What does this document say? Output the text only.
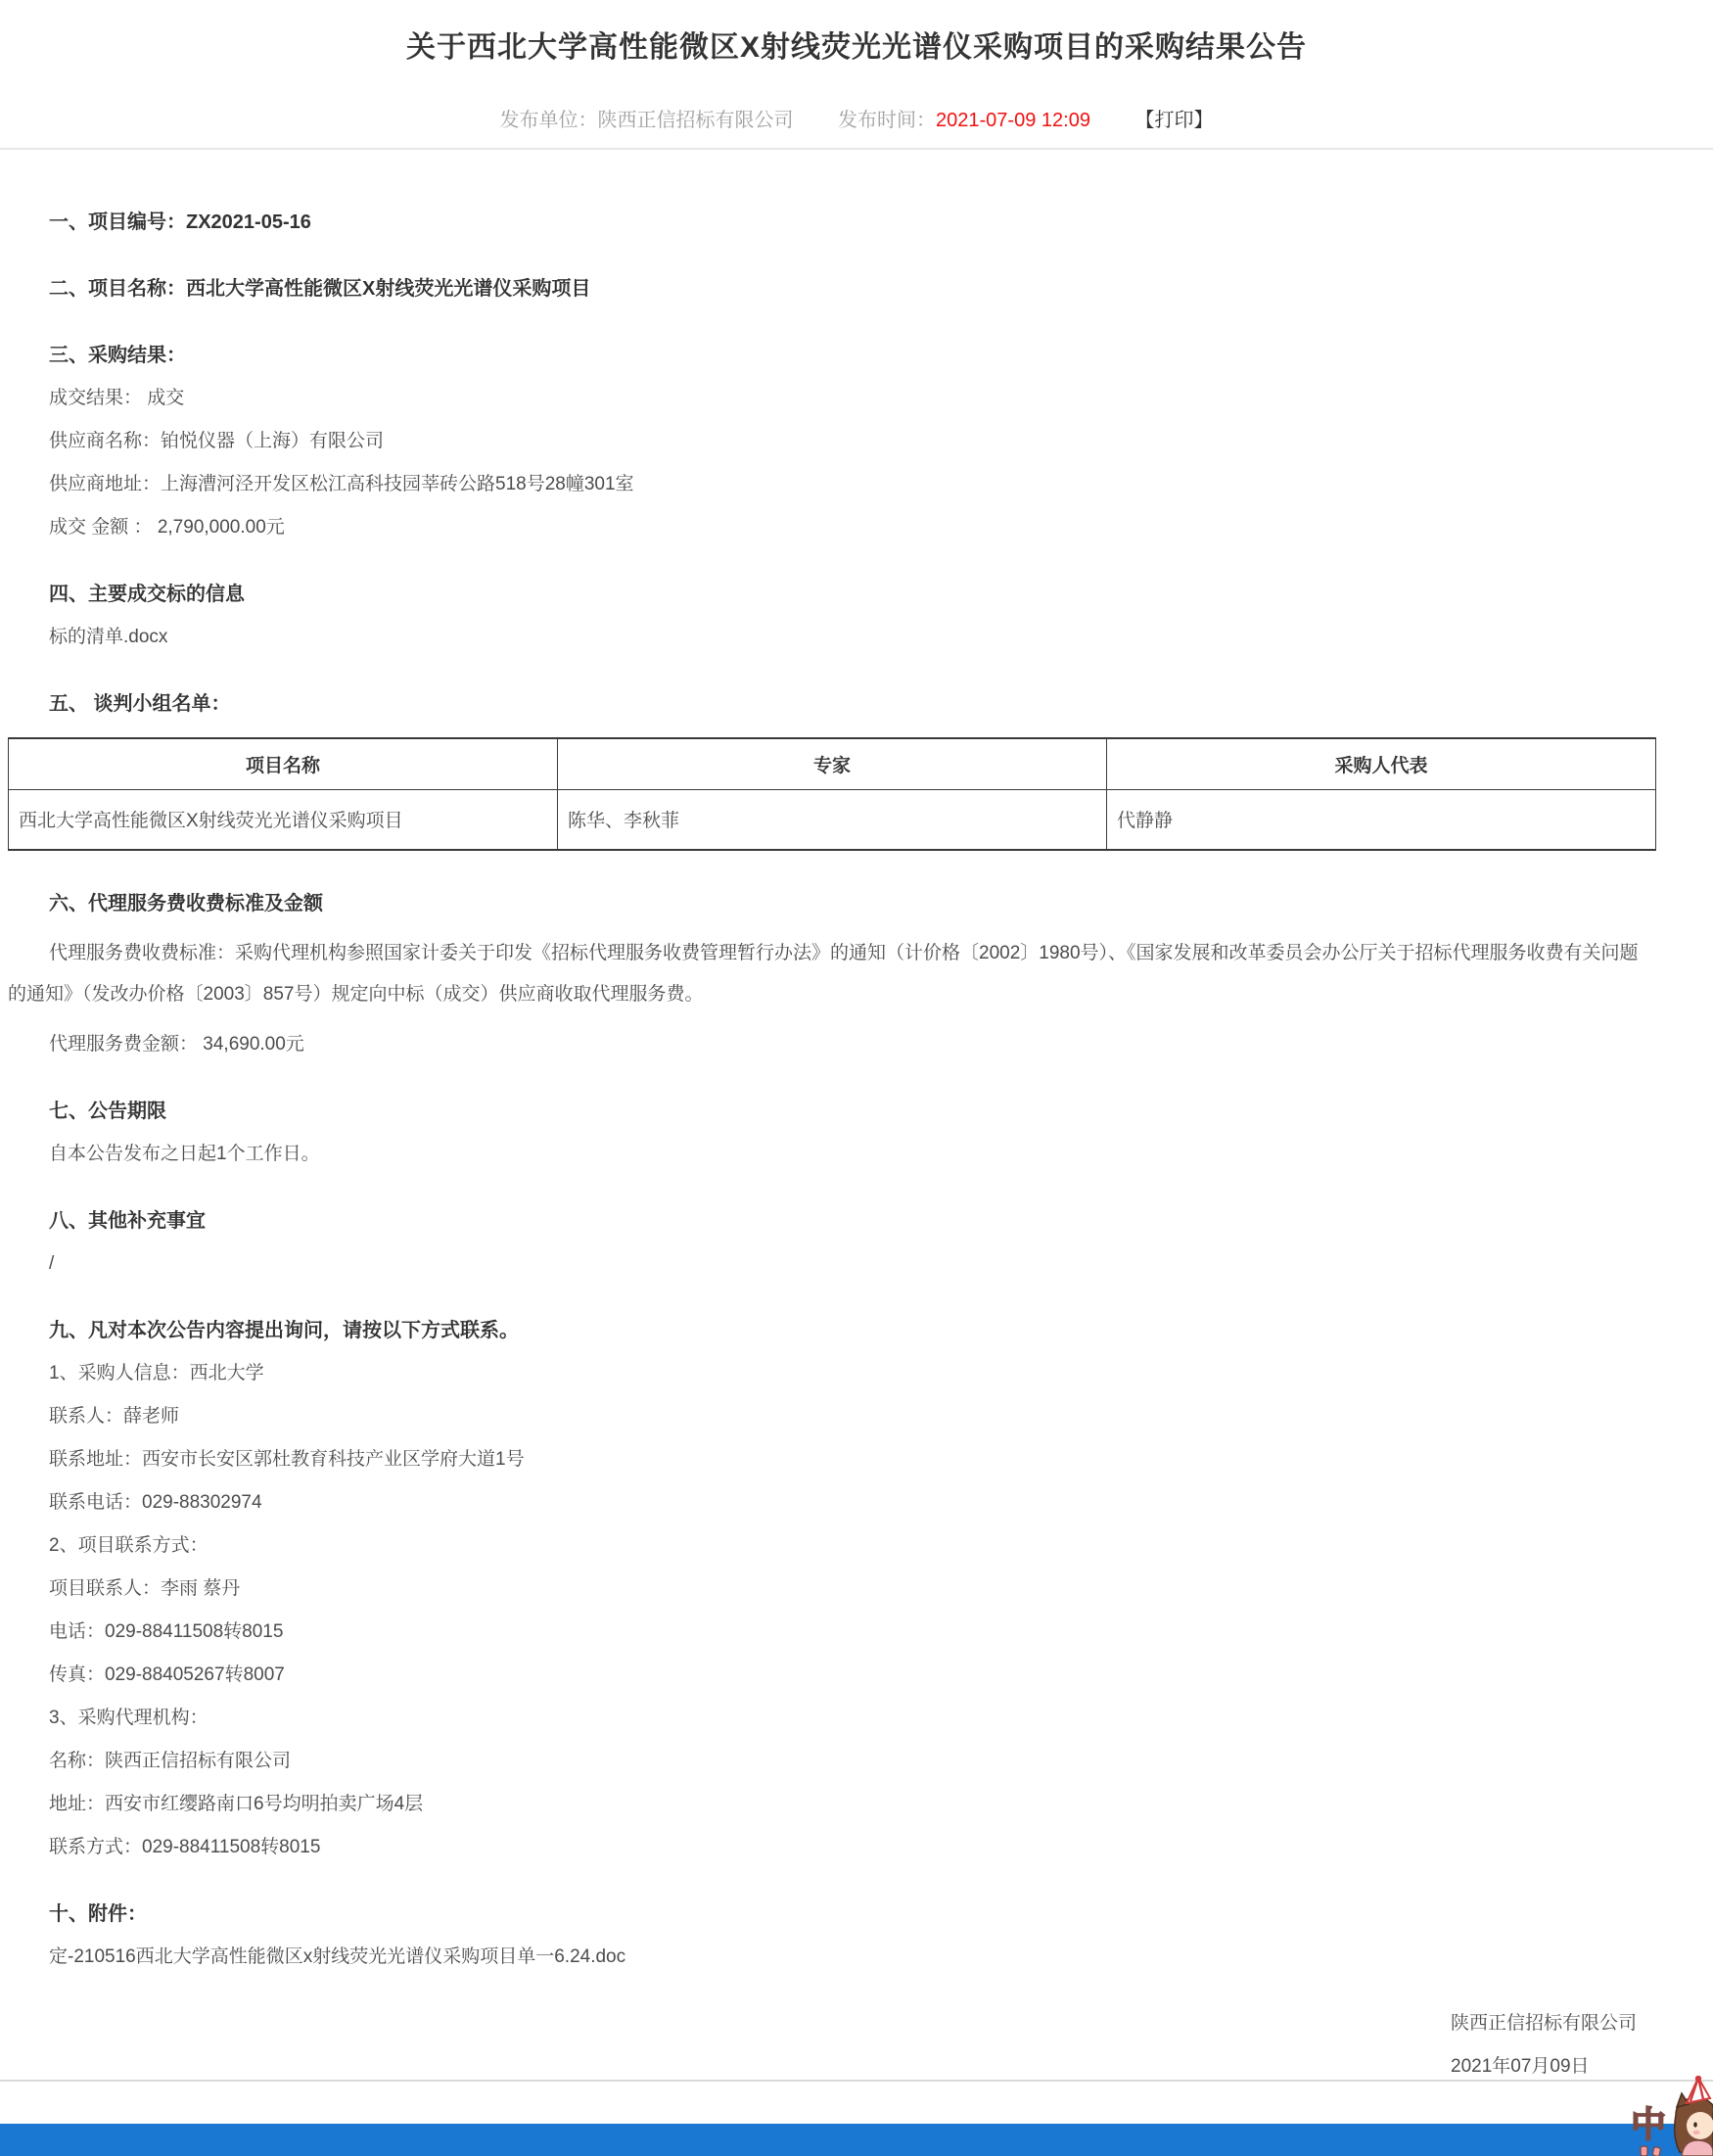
关于西北大学高性能微区X射线荧光光谱仪采购项目的采购结果公告
发布单位：陕西正信招标有限公司 发布时间：2021-07-09 12:09 【打印】
一、项目编号：ZX2021-05-16
二、项目名称：西北大学高性能微区X射线荧光光谱仪采购项目
三、采购结果：

成交结果： 成交

供应商名称：铂悦仪器（上海）有限公司

供应商地址：上海漕河泾开发区松江高科技园莘砖公路518号28幢301室

成交 金额 ： 2,790,000.00元

四、主要成交标的信息

标的清单.docx

五、 谈判小组名单：
项目名称	专家	采购人代表
西北大学高性能微区X射线荧光光谱仪采购项目	陈华、李秋菲	代静静
六、代理服务费收费标准及金额

代理服务费收费标准：采购代理机构参照国家计委关于印发《招标代理服务收费管理暂行办法》的通知（计价格〔2002〕1980号）、《国家发展和改革委员会办公厅关于招标代理服务收费有关问题的通知》（发改办价格〔2003〕857号）规定向中标（成交）供应商收取代理服务费。

代理服务费金额： 34,690.00元

七、公告期限

自本公告发布之日起1个工作日。

八、其他补充事宜

/

九、凡对本次公告内容提出询问，请按以下方式联系。

1、采购人信息：西北大学

联系人：薛老师

联系地址：西安市长安区郭杜教育科技产业区学府大道1号

联系电话：029-88302974

2、项目联系方式：

项目联系人：李雨 蔡丹

电话：029-88411508转8015

传真：029-88405267转8007

3、采购代理机构：

名称：陕西正信招标有限公司

地址：西安市红缨路南口6号均明拍卖广场4层

联系方式：029-88411508转8015

十、附件：

定-210516西北大学高性能微区x射线荧光光谱仪采购项目单一6.24.doc

陕西正信招标有限公司

2021年07月09日

中
